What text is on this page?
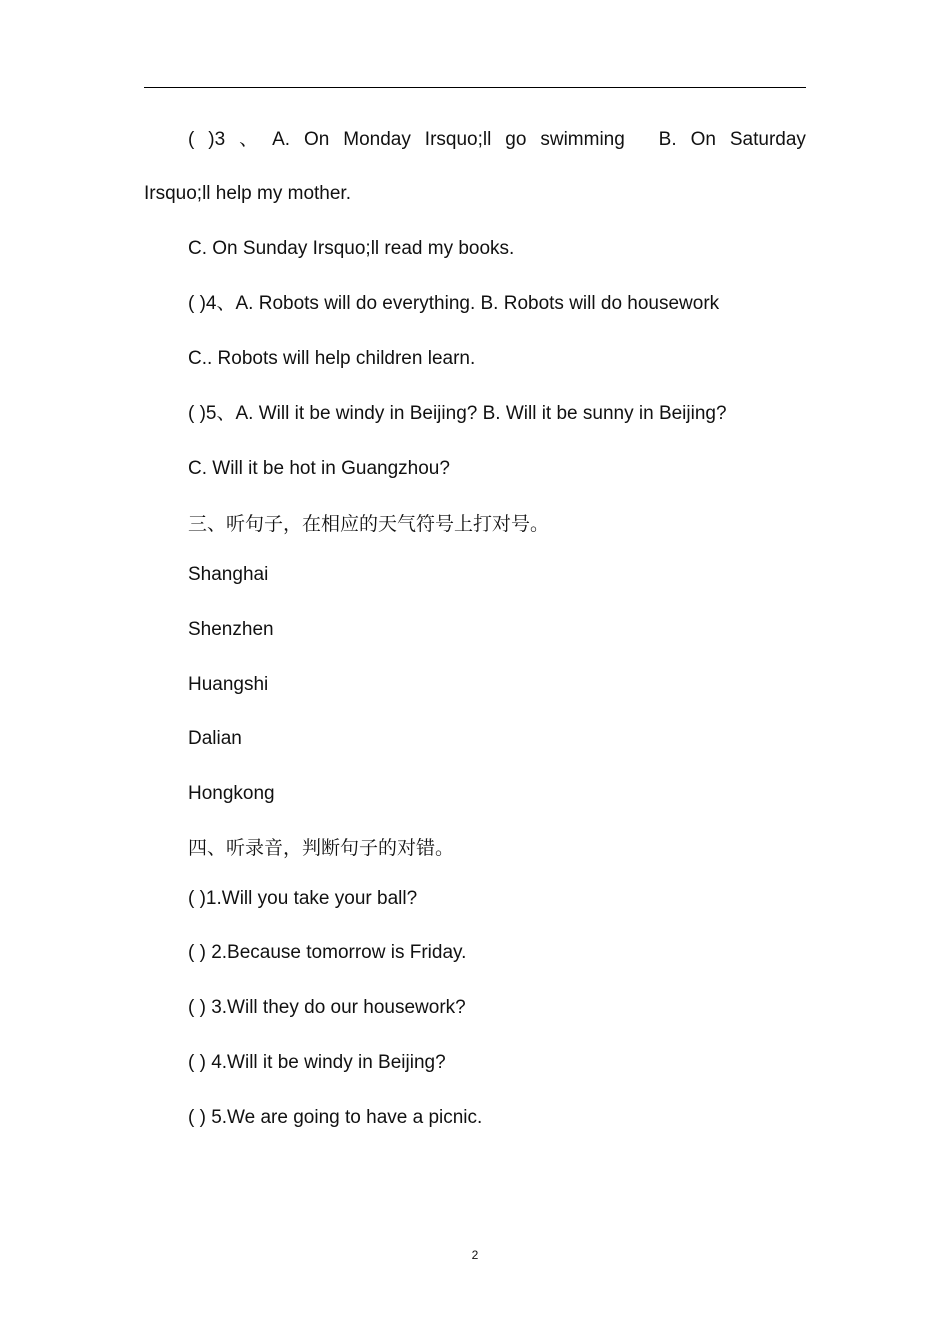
( )3 、 A. On Monday Irsquo;ll go swimming B. On Saturday
Irsquo;ll help my mother.
C. On Sunday Irsquo;ll read my books.
( )4、A. Robots will do everything. B. Robots will do housework
C.. Robots will help children learn.
( )5、A. Will it be windy in Beijing? B. Will it be sunny in Beijing?
C. Will it be hot in Guangzhou?
三、听句子，在相应的天气符号上打对号。
Shanghai
Shenzhen
Huangshi
Dalian
Hongkong
四、听录音，判断句子的对错。
( )1.Will you take your ball?
( ) 2.Because tomorrow is Friday.
( ) 3.Will they do our housework?
( ) 4.Will it be windy in Beijing?
( ) 5.We are going to have a picnic.
2
